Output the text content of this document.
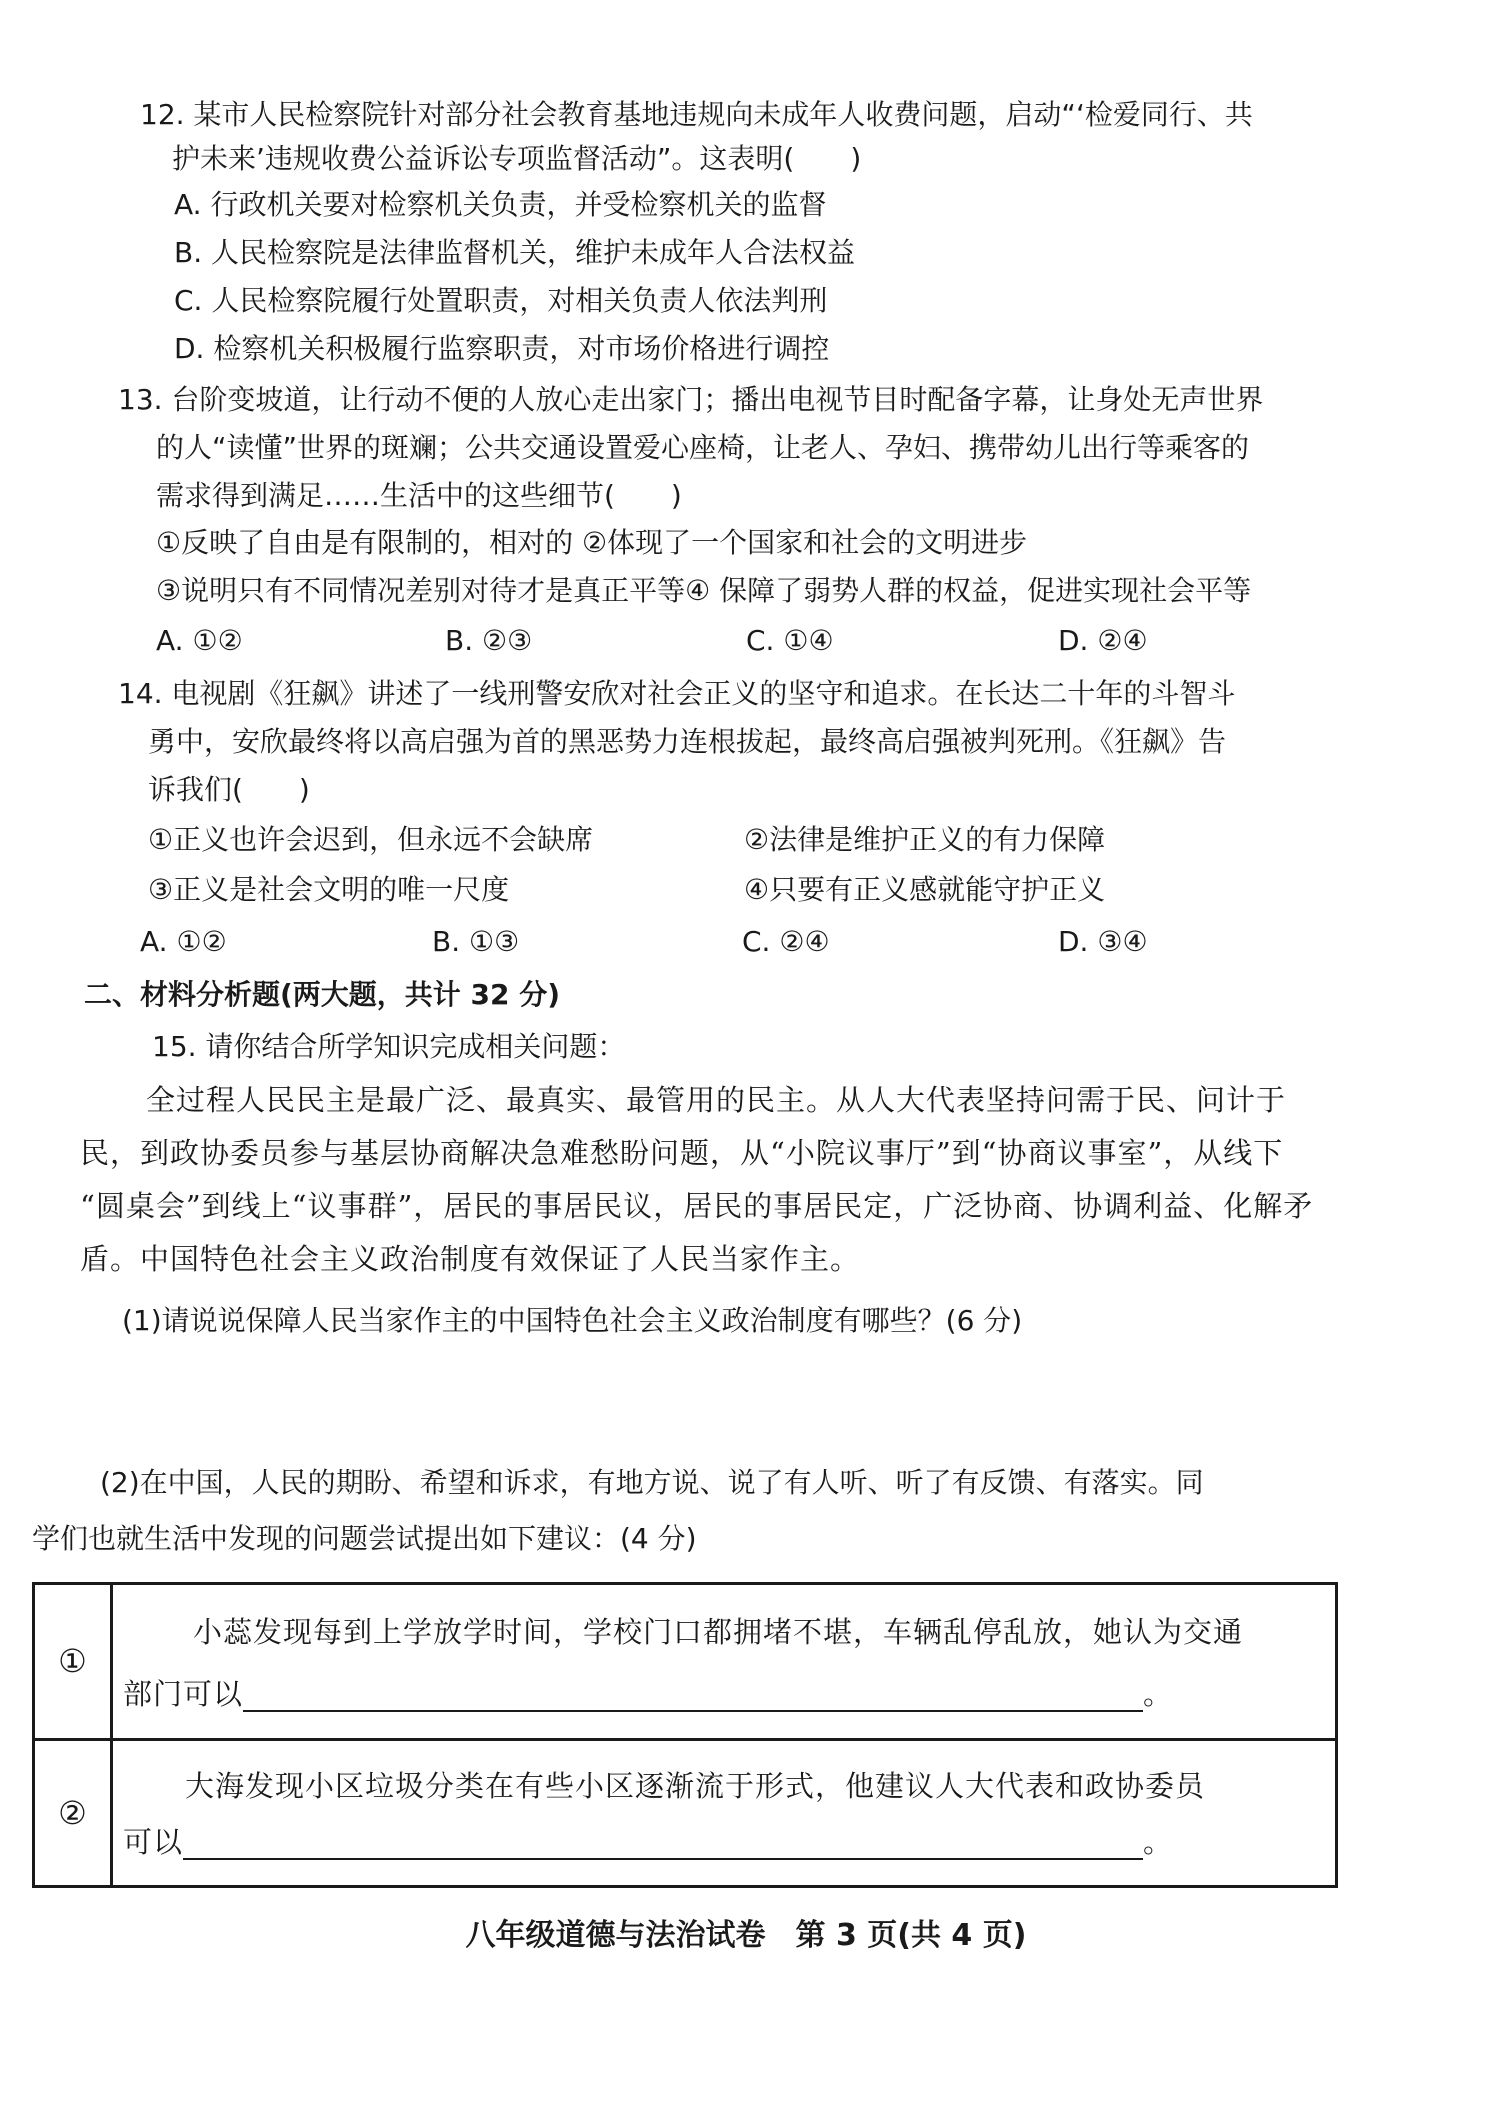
12. 某市人民检察院针对部分社会教育基地违规向未成年人收费问题，启动“‘检爱同行、共
护未来’违规收费公益诉讼专项监督活动”。这表明(　　)
A. 行政机关要对检察机关负责，并受检察机关的监督
B. 人民检察院是法律监督机关，维护未成年人合法权益
C. 人民检察院履行处置职责，对相关负责人依法判刑
D. 检察机关积极履行监察职责，对市场价格进行调控
13. 台阶变坡道，让行动不便的人放心走出家门；播出电视节目时配备字幕，让身处无声世界
的人“读懂”世界的斑斓；公共交通设置爱心座椅，让老人、孕妇、携带幼儿出行等乘客的
需求得到满足……生活中的这些细节(　　)
①反映了自由是有限制的，相对的 ②体现了一个国家和社会的文明进步
③说明只有不同情况差别对待才是真正平等④ 保障了弱势人群的权益，促进实现社会平等
A. ①②	B. ②③	C. ①④	D. ②④
14. 电视剧《狂飙》讲述了一线刑警安欣对社会正义的坚守和追求。在长达二十年的斗智斗
勇中，安欣最终将以高启强为首的黑恶势力连根拔起，最终高启强被判死刑。《狂飙》告
诉我们(　　)
①正义也许会迟到，但永远不会缺席	②法律是维护正义的有力保障
③正义是社会文明的唯一尺度	④只要有正义感就能守护正义
A. ①②	B. ①③	C. ②④	D. ③④
二、材料分析题(两大题，共计 32 分)
15. 请你结合所学知识完成相关问题：
全过程人民民主是最广泛、最真实、最管用的民主。从人大代表坚持问需于民、问计于
民，到政协委员参与基层协商解决急难愁盼问题，从“小院议事厅”到“协商议事室”，从线下
“圆桌会”到线上“议事群”，居民的事居民议，居民的事居民定，广泛协商、协调利益、化解矛
盾。中国特色社会主义政治制度有效保证了人民当家作主。
(1)请说说保障人民当家作主的中国特色社会主义政治制度有哪些？(6 分)
(2)在中国，人民的期盼、希望和诉求，有地方说、说了有人听、听了有反馈、有落实。同
学们也就生活中发现的问题尝试提出如下建议：(4 分)
①
小蕊发现每到上学放学时间，学校门口都拥堵不堪，车辆乱停乱放，她认为交通
部门可以	。
②
大海发现小区垃圾分类在有些小区逐渐流于形式，他建议人大代表和政协委员
可以	。
八年级道德与法治试卷　第 3 页(共 4 页)
